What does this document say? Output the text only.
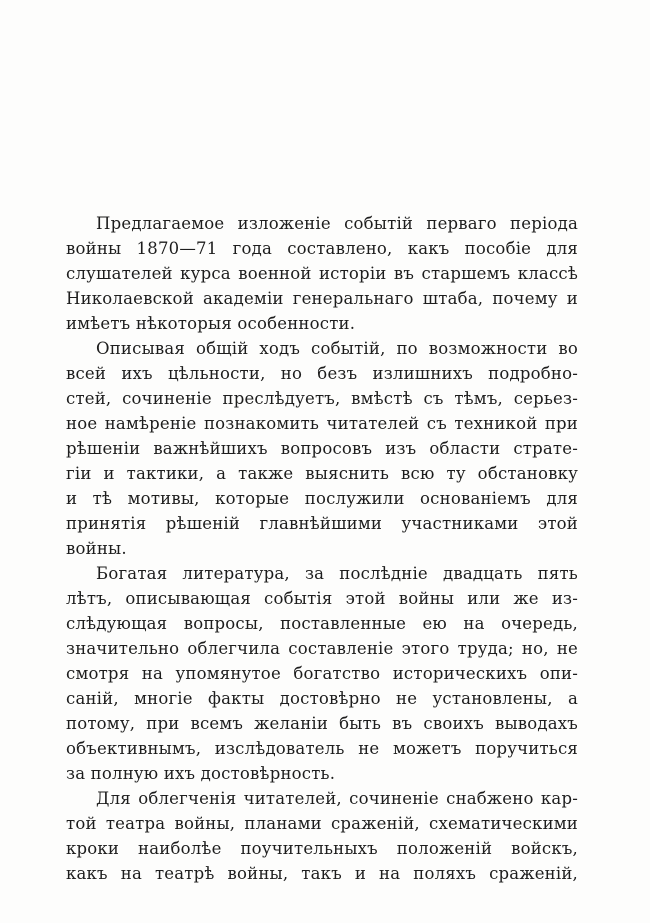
Предлагаемое изложеніе событій перваго періода
войны 1870—71 года составлено, какъ пособіе для
слушателей курса военной исторіи въ старшемъ классѣ
Николаевской академіи генеральнаго штаба, почему и
имѣетъ нѣкоторыя особенности.
Описывая общій ходъ событій, по возможности во
всей ихъ цѣльности, но безъ излишнихъ подробно-
стей, сочиненіе преслѣдуетъ, вмѣстѣ съ тѣмъ, серьез-
ное намѣреніе познакомить читателей съ техникой при
рѣшеніи важнѣйшихъ вопросовъ изъ области страте-
гіи и тактики, а также выяснить всю ту обстановку
и тѣ мотивы, которые послужили основаніемъ для
принятія рѣшеній главнѣйшими участниками этой
войны.
Богатая литература, за послѣдніе двадцать пять
лѣтъ, описывающая событія этой войны или же из-
слѣдующая вопросы, поставленные ею на очередь,
значительно облегчила составленіе этого труда; но, не
смотря на упомянутое богатство историческихъ опи-
саній, многіе факты достовѣрно не установлены, а
потому, при всемъ желаніи быть въ своихъ выводахъ
объективнымъ, изслѣдователь не можетъ поручиться
за полную ихъ достовѣрность.
Для облегченія читателей, сочиненіе снабжено кар-
той театра войны, планами сраженій, схематическими
кроки наиболѣе поучительныхъ положеній войскъ,
какъ на театрѣ войны, такъ и на поляхъ сраженій,
